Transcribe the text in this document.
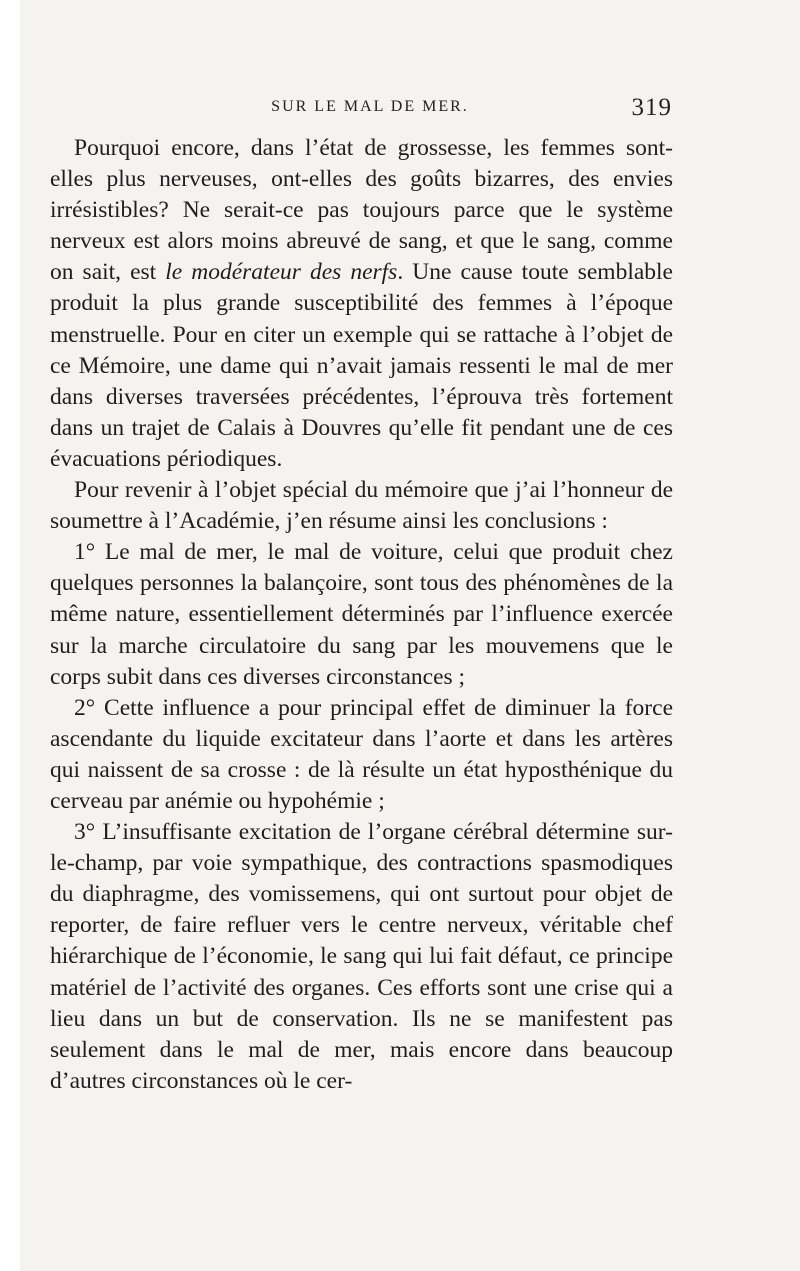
SUR LE MAL DE MER.	319

Pourquoi encore, dans l’état de grossesse, les femmes sont-elles plus nerveuses, ont-elles des goûts bizarres, des envies irrésistibles? Ne serait-ce pas toujours parce que le système nerveux est alors moins abreuvé de sang, et que le sang, comme on sait, est le modérateur des nerfs. Une cause toute semblable produit la plus grande susceptibilité des femmes à l’époque menstruelle. Pour en citer un exemple qui se rattache à l’objet de ce Mémoire, une dame qui n’avait jamais ressenti le mal de mer dans diverses traversées précédentes, l’éprouva très fortement dans un trajet de Calais à Douvres qu’elle fit pendant une de ces évacuations périodiques.

Pour revenir à l’objet spécial du mémoire que j’ai l’honneur de soumettre à l’Académie, j’en résume ainsi les conclusions :

1° Le mal de mer, le mal de voiture, celui que produit chez quelques personnes la balançoire, sont tous des phénomènes de la même nature, essentiellement déterminés par l’influence exercée sur la marche circulatoire du sang par les mouvemens que le corps subit dans ces diverses circonstances ;

2° Cette influence a pour principal effet de diminuer la force ascendante du liquide excitateur dans l’aorte et dans les artères qui naissent de sa crosse : de là résulte un état hyposthénique du cerveau par anémie ou hypohémie ;

3° L’insuffisante excitation de l’organe cérébral détermine sur-le-champ, par voie sympathique, des contractions spasmodiques du diaphragme, des vomissemens, qui ont surtout pour objet de reporter, de faire refluer vers le centre nerveux, véritable chef hiérarchique de l’économie, le sang qui lui fait défaut, ce principe matériel de l’activité des organes. Ces efforts sont une crise qui a lieu dans un but de conservation. Ils ne se manifestent pas seulement dans le mal de mer, mais encore dans beaucoup d’autres circonstances où le cer-
